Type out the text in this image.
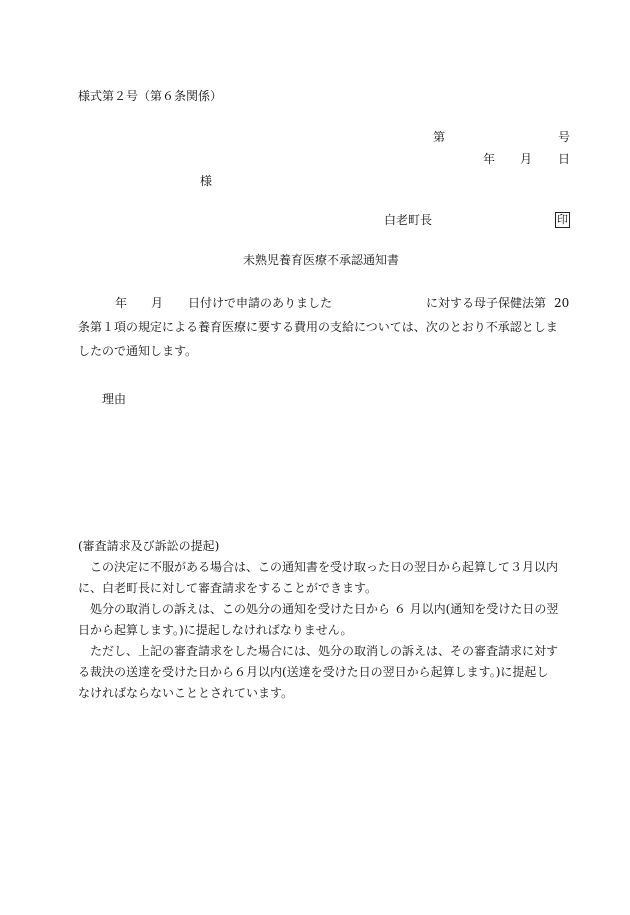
様式第２号（第６条関係）
第	号
年 月 日
様
白老町長	印
未熟児養育医療不承認通知書
年 月 日付けで申請のありました	に対する母子保健法第 20
条第１項の規定による養育医療に要する費用の支給については、次のとおり不承認としま
したので通知します。
理由
(審査請求及び訴訟の提起)
この決定に不服がある場合は、この通知書を受け取った日の翌日から起算して３月以内
に、白老町長に対して審査請求をすることができます。
処分の取消しの訴えは、この処分の通知を受けた日から ６ 月以内(通知を受けた日の翌
日から起算します。)に提起しなければなりません。
ただし、上記の審査請求をした場合には、処分の取消しの訴えは、その審査請求に対す
る裁決の送達を受けた日から６月以内(送達を受けた日の翌日から起算します。)に提起し
なければならないこととされています。
